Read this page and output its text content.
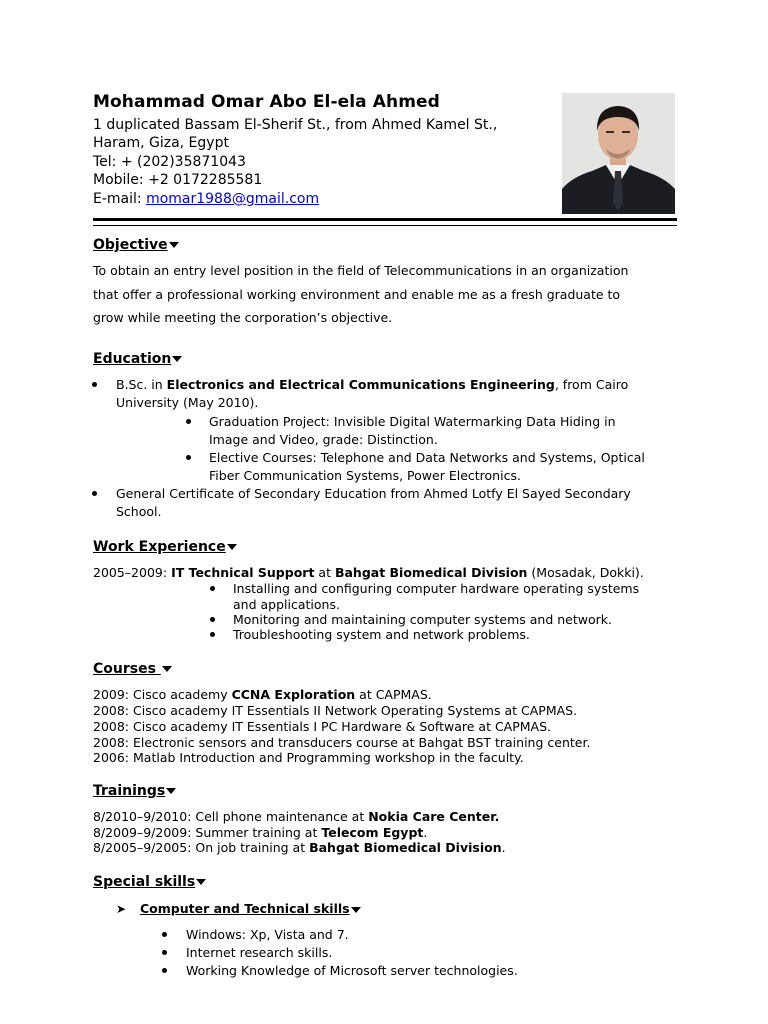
Mohammad Omar Abo El-ela Ahmed
1 duplicated Bassam El-Sherif St., from Ahmed Kamel St.,
Haram, Giza, Egypt
Tel: + (202)35871043
Mobile: +2 0172285581
E-mail: momar1988@gmail.com
Objective
To obtain an entry level position in the field of Telecommunications in an organization
that offer a professional working environment and enable me as a fresh graduate to
grow while meeting the corporation’s objective.
Education
B.Sc. in Electronics and Electrical Communications Engineering, from Cairo
University (May 2010).
Graduation Project: Invisible Digital Watermarking Data Hiding in
Image and Video, grade: Distinction.
Elective Courses: Telephone and Data Networks and Systems, Optical
Fiber Communication Systems, Power Electronics.
General Certificate of Secondary Education from Ahmed Lotfy El Sayed Secondary
School.
Work Experience
2005–2009: IT Technical Support at Bahgat Biomedical Division (Mosadak, Dokki).
Installing and configuring computer hardware operating systems
and applications.
Monitoring and maintaining computer systems and network.
Troubleshooting system and network problems.
Courses
2009: Cisco academy CCNA Exploration at CAPMAS.
2008: Cisco academy IT Essentials II Network Operating Systems at CAPMAS.
2008: Cisco academy IT Essentials I PC Hardware & Software at CAPMAS.
2008: Electronic sensors and transducers course at Bahgat BST training center.
2006: Matlab Introduction and Programming workshop in the faculty.
Trainings
8/2010–9/2010: Cell phone maintenance at Nokia Care Center.
8/2009–9/2009: Summer training at Telecom Egypt.
8/2005–9/2005: On job training at Bahgat Biomedical Division.
Special skills
➤ Computer and Technical skills
Windows: Xp, Vista and 7.
Internet research skills.
Working Knowledge of Microsoft server technologies.
